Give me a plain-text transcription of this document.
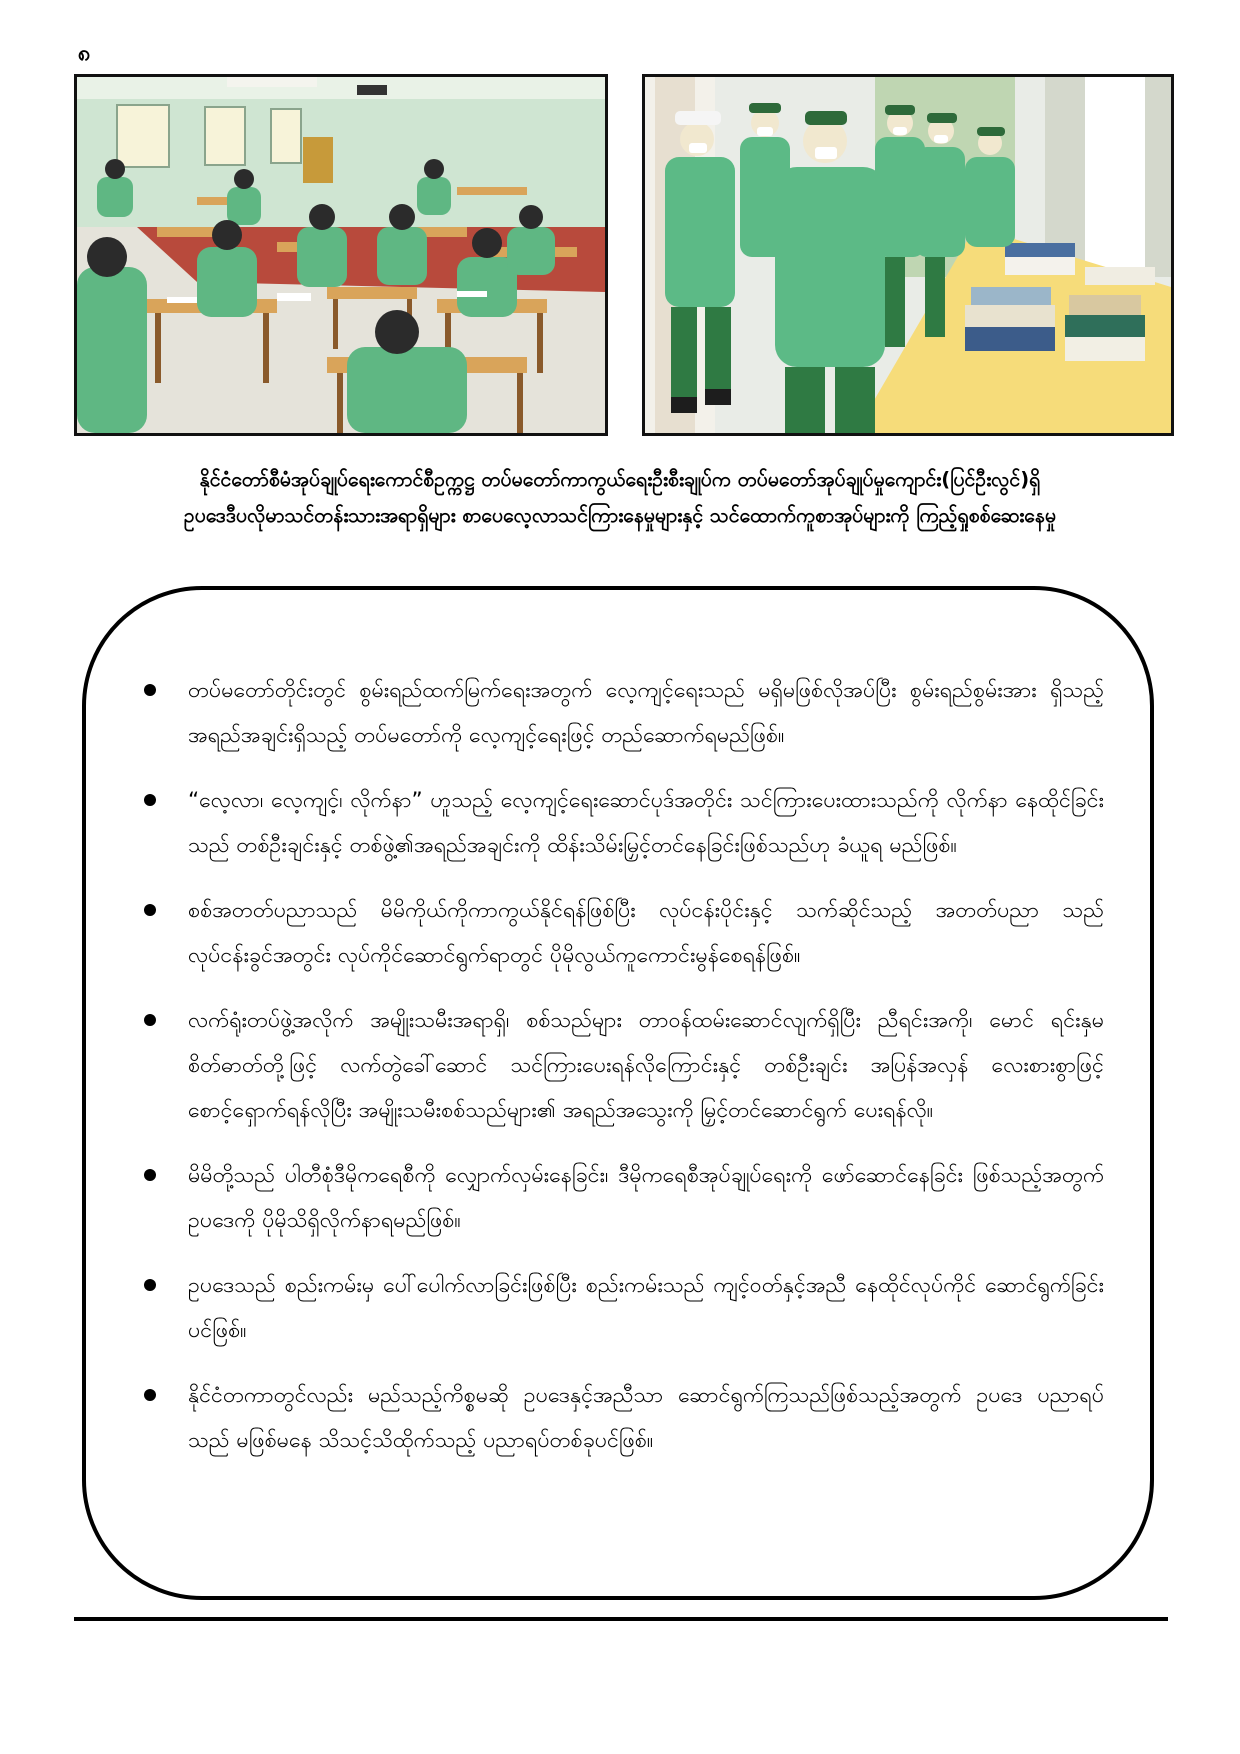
၈
နိုင်ငံတော်စီမံအုပ်ချုပ်ရေးကောင်စီဥက္ကဋ္ဌ တပ်မတော်ကာကွယ်ရေးဦးစီးချုပ်က တပ်မတော်အုပ်ချုပ်မှုကျောင်း(ပြင်ဦးလွင်)ရှိ
ဥပဒေဒီပလိုမာသင်တန်းသားအရာရှိများ စာပေလေ့လာသင်ကြားနေမှုများနှင့် သင်ထောက်ကူစာအုပ်များကို ကြည့်ရှုစစ်ဆေးနေမှု
တပ်မတော်တိုင်းတွင် စွမ်းရည်ထက်မြက်ရေးအတွက် လေ့ကျင့်ရေးသည် မရှိမဖြစ်လိုအပ်ပြီး စွမ်းရည်စွမ်းအား ရှိသည့် အရည်အချင်းရှိသည့် တပ်မတော်ကို လေ့ကျင့်ရေးဖြင့် တည်ဆောက်ရမည်ဖြစ်။
“လေ့လာ၊ လေ့ကျင့်၊ လိုက်နာ” ဟူသည့် လေ့ကျင့်ရေးဆောင်ပုဒ်အတိုင်း သင်ကြားပေးထားသည်ကို လိုက်နာ နေထိုင်ခြင်းသည် တစ်ဦးချင်းနှင့် တစ်ဖွဲ့၏အရည်အချင်းကို ထိန်းသိမ်းမြှင့်တင်နေခြင်းဖြစ်သည်ဟု ခံယူရ မည်ဖြစ်။
စစ်အတတ်ပညာသည် မိမိကိုယ်ကိုကာကွယ်နိုင်ရန်ဖြစ်ပြီး လုပ်ငန်းပိုင်းနှင့် သက်ဆိုင်သည့် အတတ်ပညာ သည် လုပ်ငန်းခွင်အတွင်း လုပ်ကိုင်ဆောင်ရွက်ရာတွင် ပိုမိုလွယ်ကူကောင်းမွန်စေရန်ဖြစ်။
လက်ရုံးတပ်ဖွဲ့အလိုက် အမျိုးသမီးအရာရှိ၊ စစ်သည်များ တာဝန်ထမ်းဆောင်လျက်ရှိပြီး ညီရင်းအကို၊ မောင် ရင်းနှမစိတ်ဓာတ်တို့ဖြင့် လက်တွဲခေါ်ဆောင် သင်ကြားပေးရန်လိုကြောင်းနှင့် တစ်ဦးချင်း အပြန်အလှန် လေးစားစွာဖြင့် စောင့်ရှောက်ရန်လိုပြီး အမျိုးသမီးစစ်သည်များ၏ အရည်အသွေးကို မြှင့်တင်ဆောင်ရွက် ပေးရန်လို။
မိမိတို့သည် ပါတီစုံဒီမိုကရေစီကို လျှောက်လှမ်းနေခြင်း၊ ဒီမိုကရေစီအုပ်ချုပ်ရေးကို ဖော်ဆောင်နေခြင်း ဖြစ်သည့်အတွက် ဥပဒေကို ပိုမိုသိရှိလိုက်နာရမည်ဖြစ်။
ဥပဒေသည် စည်းကမ်းမှ ပေါ်ပေါက်လာခြင်းဖြစ်ပြီး စည်းကမ်းသည် ကျင့်ဝတ်နှင့်အညီ နေထိုင်လုပ်ကိုင် ဆောင်ရွက်ခြင်းပင်ဖြစ်။
နိုင်ငံတကာတွင်လည်း မည်သည့်ကိစ္စမဆို ဥပဒေနှင့်အညီသာ ဆောင်ရွက်ကြသည်ဖြစ်သည့်အတွက် ဥပဒေ ပညာရပ်သည် မဖြစ်မနေ သိသင့်သိထိုက်သည့် ပညာရပ်တစ်ခုပင်ဖြစ်။
